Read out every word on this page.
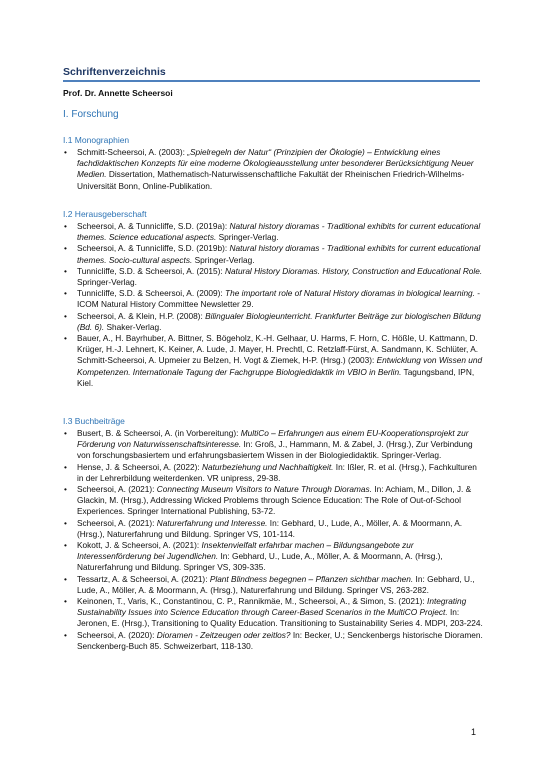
Schriftenverzeichnis
Prof. Dr. Annette Scheersoi
I. Forschung
I.1 Monographien
• Schmitt-Scheersoi, A. (2003): „Spielregeln der Natur“ (Prinzipien der Ökologie) – Entwicklung eines fachdidaktischen Konzepts für eine moderne Ökologieausstellung unter besonderer Berücksichtigung Neuer Medien. Dissertation, Mathematisch-Naturwissenschaftliche Fakultät der Rheinischen Friedrich-Wilhelms-Universität Bonn, Online-Publikation.
I.2 Herausgeberschaft
• Scheersoi, A. & Tunnicliffe, S.D. (2019a): Natural history dioramas - Traditional exhibits for current educational themes. Science educational aspects. Springer-Verlag.
• Scheersoi, A. & Tunnicliffe, S.D. (2019b): Natural history dioramas - Traditional exhibits for current educational themes. Socio-cultural aspects. Springer-Verlag.
• Tunnicliffe, S.D. & Scheersoi, A. (2015): Natural History Dioramas. History, Construction and Educational Role. Springer-Verlag.
• Tunnicliffe, S.D. & Scheersoi, A. (2009): The important role of Natural History dioramas in biological learning. - ICOM Natural History Committee Newsletter 29.
• Scheersoi, A. & Klein, H.P. (2008): Bilingualer Biologieunterricht. Frankfurter Beiträge zur biologischen Bildung (Bd. 6). Shaker-Verlag.
• Bauer, A., H. Bayrhuber, A. Bittner, S. Bögeholz, K.-H. Gelhaar, U. Harms, F. Horn, C. Hößle, U. Kattmann, D. Krüger, H.-J. Lehnert, K. Keiner, A. Lude, J. Mayer, H. Prechtl, C. Retzlaff-Fürst, A. Sandmann, K. Schlüter, A. Schmitt-Scheersoi, A. Upmeier zu Belzen, H. Vogt & Ziemek, H-P. (Hrsg.) (2003): Entwicklung von Wissen und Kompetenzen. Internationale Tagung der Fachgruppe Biologiedidaktik im VBIO in Berlin. Tagungsband, IPN, Kiel.
I.3 Buchbeiträge
• Busert, B. & Scheersoi, A. (in Vorbereitung): MultiCo – Erfahrungen aus einem EU-Kooperationsprojekt zur Förderung von Naturwissenschaftsinteresse. In: Groß, J., Hammann, M. & Zabel, J. (Hrsg.), Zur Verbindung von forschungsbasiertem und erfahrungsbasiertem Wissen in der Biologiedidaktik. Springer-Verlag.
• Hense, J. & Scheersoi, A. (2022): Naturbeziehung und Nachhaltigkeit. In: Ißler, R. et al. (Hrsg.), Fachkulturen in der Lehrerbildung weiterdenken. VR unipress, 29-38.
• Scheersoi, A. (2021): Connecting Museum Visitors to Nature Through Dioramas. In: Achiam, M., Dillon, J. & Glackin, M. (Hrsg.), Addressing Wicked Problems through Science Education: The Role of Out-of-School Experiences. Springer International Publishing, 53-72.
• Scheersoi, A. (2021): Naturerfahrung und Interesse. In: Gebhard, U., Lude, A., Möller, A. & Moormann, A. (Hrsg.), Naturerfahrung und Bildung. Springer VS, 101-114.
• Kokott, J. & Scheersoi, A. (2021): Insektenvielfalt erfahrbar machen – Bildungsangebote zur Interessenförderung bei Jugendlichen. In: Gebhard, U., Lude, A., Möller, A. & Moormann, A. (Hrsg.), Naturerfahrung und Bildung. Springer VS, 309-335.
• Tessartz, A. & Scheersoi, A. (2021): Plant Blindness begegnen – Pflanzen sichtbar machen. In: Gebhard, U., Lude, A., Möller, A. & Moormann, A. (Hrsg.), Naturerfahrung und Bildung. Springer VS, 263-282.
• Keinonen, T., Varis, K., Constantinou, C. P., Rannikmäe, M., Scheersoi, A., & Simon, S. (2021): Integrating Sustainability Issues into Science Education through Career-Based Scenarios in the MultiCO Project. In: Jeronen, E. (Hrsg.), Transitioning to Quality Education. Transitioning to Sustainability Series 4. MDPI, 203-224.
• Scheersoi, A. (2020): Dioramen - Zeitzeugen oder zeitlos? In: Becker, U.; Senckenbergs historische Dioramen. Senckenberg-Buch 85. Schweizerbart, 118-130.
1
